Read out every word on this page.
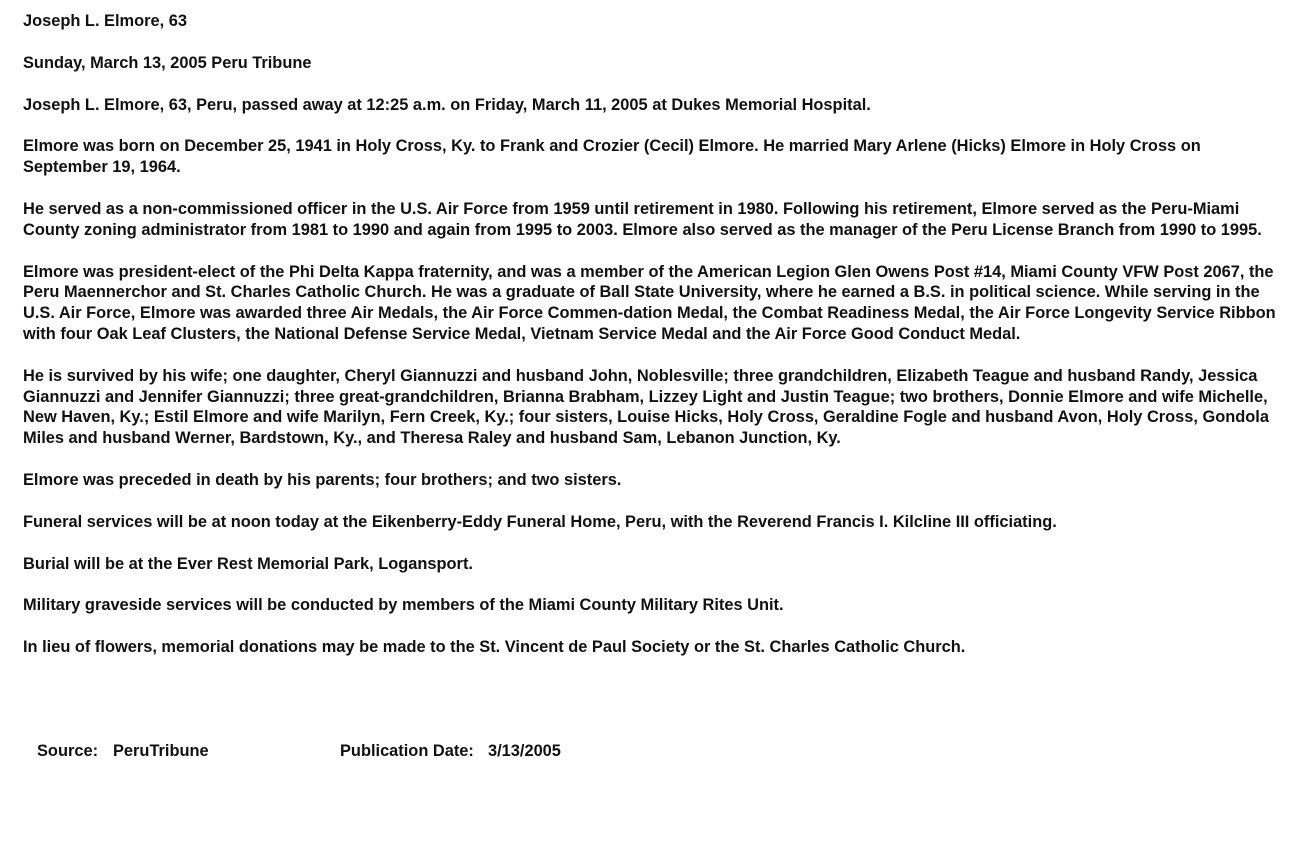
Joseph L. Elmore, 63

Sunday, March 13, 2005 Peru Tribune

Joseph L. Elmore, 63, Peru, passed away at 12:25 a.m. on Friday, March 11, 2005 at Dukes Memorial Hospital.

Elmore was born on December 25, 1941 in Holy Cross, Ky. to Frank and Crozier (Cecil) Elmore. He married Mary Arlene (Hicks) Elmore in Holy Cross on September 19, 1964.

He served as a non-commissioned officer in the U.S. Air Force from 1959 until retirement in 1980. Following his retirement, Elmore served as the Peru-Miami County zoning administrator from 1981 to 1990 and again from 1995 to 2003. Elmore also served as the manager of the Peru License Branch from 1990 to 1995.

Elmore was president-elect of the Phi Delta Kappa fraternity, and was a member of the American Legion Glen Owens Post #14, Miami County VFW Post 2067, the Peru Maennerchor and St. Charles Catholic Church. He was a graduate of Ball State University, where he earned a B.S. in political science. While serving in the U.S. Air Force, Elmore was awarded three Air Medals, the Air Force Commen-dation Medal, the Combat Readiness Medal, the Air Force Longevity Service Ribbon with four Oak Leaf Clusters, the National Defense Service Medal, Vietnam Service Medal and the Air Force Good Conduct Medal.

He is survived by his wife; one daughter, Cheryl Giannuzzi and husband John, Noblesville; three grandchildren, Elizabeth Teague and husband Randy, Jessica Giannuzzi and Jennifer Giannuzzi; three great-grandchildren, Brianna Brabham, Lizzey Light and Justin Teague; two brothers, Donnie Elmore and wife Michelle, New Haven, Ky.; Estil Elmore and wife Marilyn, Fern Creek, Ky.; four sisters, Louise Hicks, Holy Cross, Geraldine Fogle and husband Avon, Holy Cross, Gondola Miles and husband Werner, Bardstown, Ky., and Theresa Raley and husband Sam, Lebanon Junction, Ky.

Elmore was preceded in death by his parents; four brothers; and two sisters.

Funeral services will be at noon today at the Eikenberry-Eddy Funeral Home, Peru, with the Reverend Francis I. Kilcline III officiating.

Burial will be at the Ever Rest Memorial Park, Logansport.

Military graveside services will be conducted by members of the Miami County Military Rites Unit.

In lieu of flowers, memorial donations may be made to the St. Vincent de Paul Society or the St. Charles Catholic Church.

Source:

PeruTribune

	Publication Date:

3/13/2005
